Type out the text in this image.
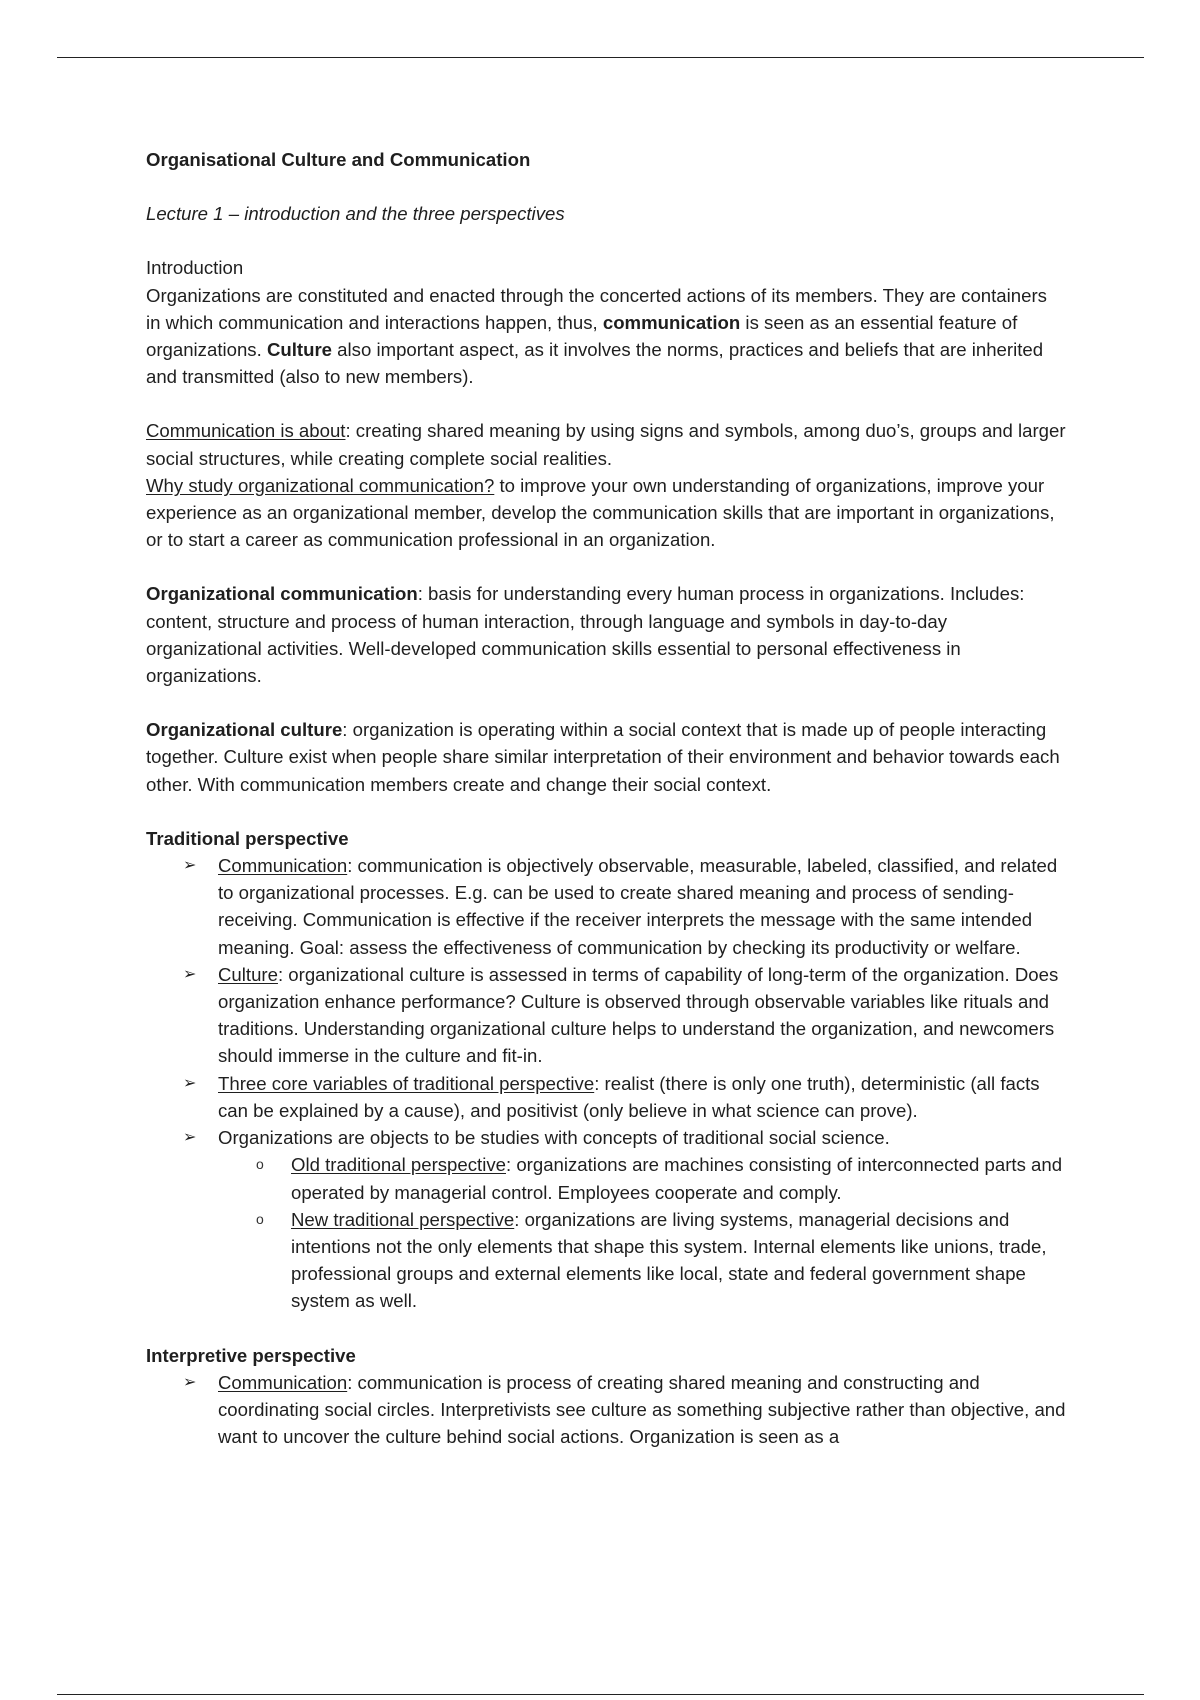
Organisational Culture and Communication

Lecture 1 – introduction and the three perspectives

Introduction

Organizations are constituted and enacted through the concerted actions of its members. They are containers in which communication and interactions happen, thus, communication is seen as an essential feature of organizations. Culture also important aspect, as it involves the norms, practices and beliefs that are inherited and transmitted (also to new members).

Communication is about: creating shared meaning by using signs and symbols, among duo’s, groups and larger social structures, while creating complete social realities.

Why study organizational communication? to improve your own understanding of organizations, improve your experience as an organizational member, develop the communication skills that are important in organizations, or to start a career as communication professional in an organization.

Organizational communication: basis for understanding every human process in organizations. Includes: content, structure and process of human interaction, through language and symbols in day-to-day organizational activities. Well-developed communication skills essential to personal effectiveness in organizations.

Organizational culture: organization is operating within a social context that is made up of people interacting together. Culture exist when people share similar interpretation of their environment and behavior towards each other. With communication members create and change their social context.

Traditional perspective

➢ Communication: communication is objectively observable, measurable, labeled, classified, and related to organizational processes. E.g. can be used to create shared meaning and process of sending-receiving. Communication is effective if the receiver interprets the message with the same intended meaning. Goal: assess the effectiveness of communication by checking its productivity or welfare.
➢ Culture: organizational culture is assessed in terms of capability of long-term of the organization. Does organization enhance performance? Culture is observed through observable variables like rituals and traditions. Understanding organizational culture helps to understand the organization, and newcomers should immerse in the culture and fit-in.
➢ Three core variables of traditional perspective: realist (there is only one truth), deterministic (all facts can be explained by a cause), and positivist (only believe in what science can prove).
➢ Organizations are objects to be studies with concepts of traditional social science.
o Old traditional perspective: organizations are machines consisting of interconnected parts and operated by managerial control. Employees cooperate and comply.
o New traditional perspective: organizations are living systems, managerial decisions and intentions not the only elements that shape this system. Internal elements like unions, trade, professional groups and external elements like local, state and federal government shape system as well.

Interpretive perspective

➢ Communication: communication is process of creating shared meaning and constructing and coordinating social circles. Interpretivists see culture as something subjective rather than objective, and want to uncover the culture behind social actions. Organization is seen as a
